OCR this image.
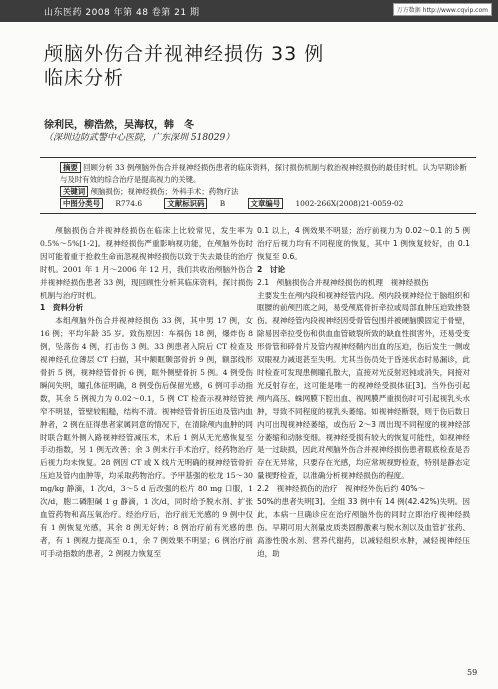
山东医药 2008 年第 48 卷第 21 期	万方数据 http://www.cqvip.com
颅脑外伤合并视神经损伤 33 例
临床分析
徐利民，柳浩然，吴海权，韩　冬
（深圳边防武警中心医院，广东深圳 518029）

摘要 回顾分析 33 例颅脑外伤合并视神经损伤患者的临床资料，探讨损伤机制与救治视神经损伤的最佳时机。认为早期诊断与及时有效的综合治疗是提高视力的关键。

关键词 颅脑损伤；视神经损伤；外科手术；药物疗法

中图分类号 R774.6	文献标识码 B	文章编号 1002-266X(2008)21-0059-02

颅脑损伤合并视神经损伤在临床上比较常见，发生率为 0.5%～5%[1-2]。视神经损伤严重影响视功能，在颅脑外伤时因可能着重于抢救生命而忽视视神经损伤以致于失去最佳的治疗时机。2001 年 1 月～2006 年 12 月，我们共收治颅脑外伤合并视神经损伤患者 33 例，现回顾性分析其临床资料，探讨损伤机制与治疗时机。

1　资料分析

本组颅脑外伤合并视神经损伤 33 例，其中男 17 例，女 16 例；平均年龄 35 岁。致伤原因：车祸伤 18 例，爆炸伤 8 例，坠落伤 4 例，打击伤 3 例。33 例患者入院后 CT 检查及视神经孔位薄层 CT 扫描，其中额眶颞部骨折 9 例，额部线形骨折 5 例，视神经管骨折 6 例，眶外侧壁骨折 5 例。4 例受伤瞬间失明，瞳孔体征明确，8 例受伤后保留光感，6 例可手动指数，其余 5 例视力为 0.02～0.1，5 例 CT 检查示视神经管狭窄不明显，管壁较粗糙，结构不清。视神经管骨折压迫及管内血肿者，2 例在征得患者家属同意的情况下，在清除颅内血肿的同时联合眶外侧入路视神经管减压术，术后 1 例从无光感恢复至手动指数，另 1 例无改善；余 3 例未行手术治疗，经药物治疗后视力均未恢复。28 例因 CT 或 X 线片无明确的视神经管骨折压迫及管内血肿等，均采取药物治疗。予甲基强的松龙 15～30 mg/kg 静滴，1 次/d，3～5 d 后改强的松片 80 mg 口服，1 次/d，胞二磷胆碱 1 g 静滴，1 次/d，同时给予脱水剂、扩张血管药物和高压氧治疗。经治疗后，治疗前无光感的 9 例中仅有 1 例恢复光感，其余 8 例无好转；8 例治疗前有光感的患者，有 1 例视力提高至 0.1，余 7 例效果不明显；6 例治疗前可手动指数的患者，2 例视力恢复至

0.1 以上，4 例效果不明显；治疗前视力为 0.02～0.1 的 5 例治疗后视力均有不同程度的恢复，其中 1 例恢复较好，由 0.1 恢复至 0.6。

2　讨论

2.1　颅脑损伤合并视神经损伤的机理　视神经损伤

主要发生在颅内段和视神经管内段。颅内段视神经位于脑组织和眶腰的前颅凹底之间，易受颅底骨折牵拉或局部血肿压迫致挫裂伤。视神经管内段视神经因受骨管包围并被硬脑膜固定于骨壁，除易因牵拉受伤和供血血管破裂所致的缺血性损害外，还易受变形骨管和碎骨片及管内视神经鞘内出血的压迫，伤后发生一侧或双眼视力减退甚至失明。尤其当伤员处于昏迷状态时易漏诊，此时检查可发现患侧瞳孔散大，直接对光反射迟钝或消失，间接对光反射存在，这可能是唯一的视神经受损体征[3]。当外伤引起颅内高压、蛛网膜下腔出血、视网膜严重损伤时可引起视乳头水肿，导致不同程度的视乳头萎缩。如视神经断裂，则于伤后数日内可出现视神经萎缩，或伤后 2～3 周出现不同程度的视神经部分萎缩和动脉变细。视神经受损有较大的恢复可能性，如视神经是一过缺损，因此对颅脑外伤合并视神经损伤患者眼底检查是否存在无异常，只要存在光感，均应常规视野检查，特别是静态定量视野检查，以准确分析视神经损伤的程度。

2.2　视神经损伤的治疗　视神经外伤后约 40%～

50%的患者失明[3]。全组 33 例中有 14 例(42.42%)失明。因此，本病一旦确诊应在治疗颅脑外伤的同时立即治疗视神经损伤。早期可用大剂量皮质类固醇激素与脱水剂以及血管扩张药、高渗性脱水剂、营养代谢药，以减轻组织水肿，减轻视神经压迫，助

59
